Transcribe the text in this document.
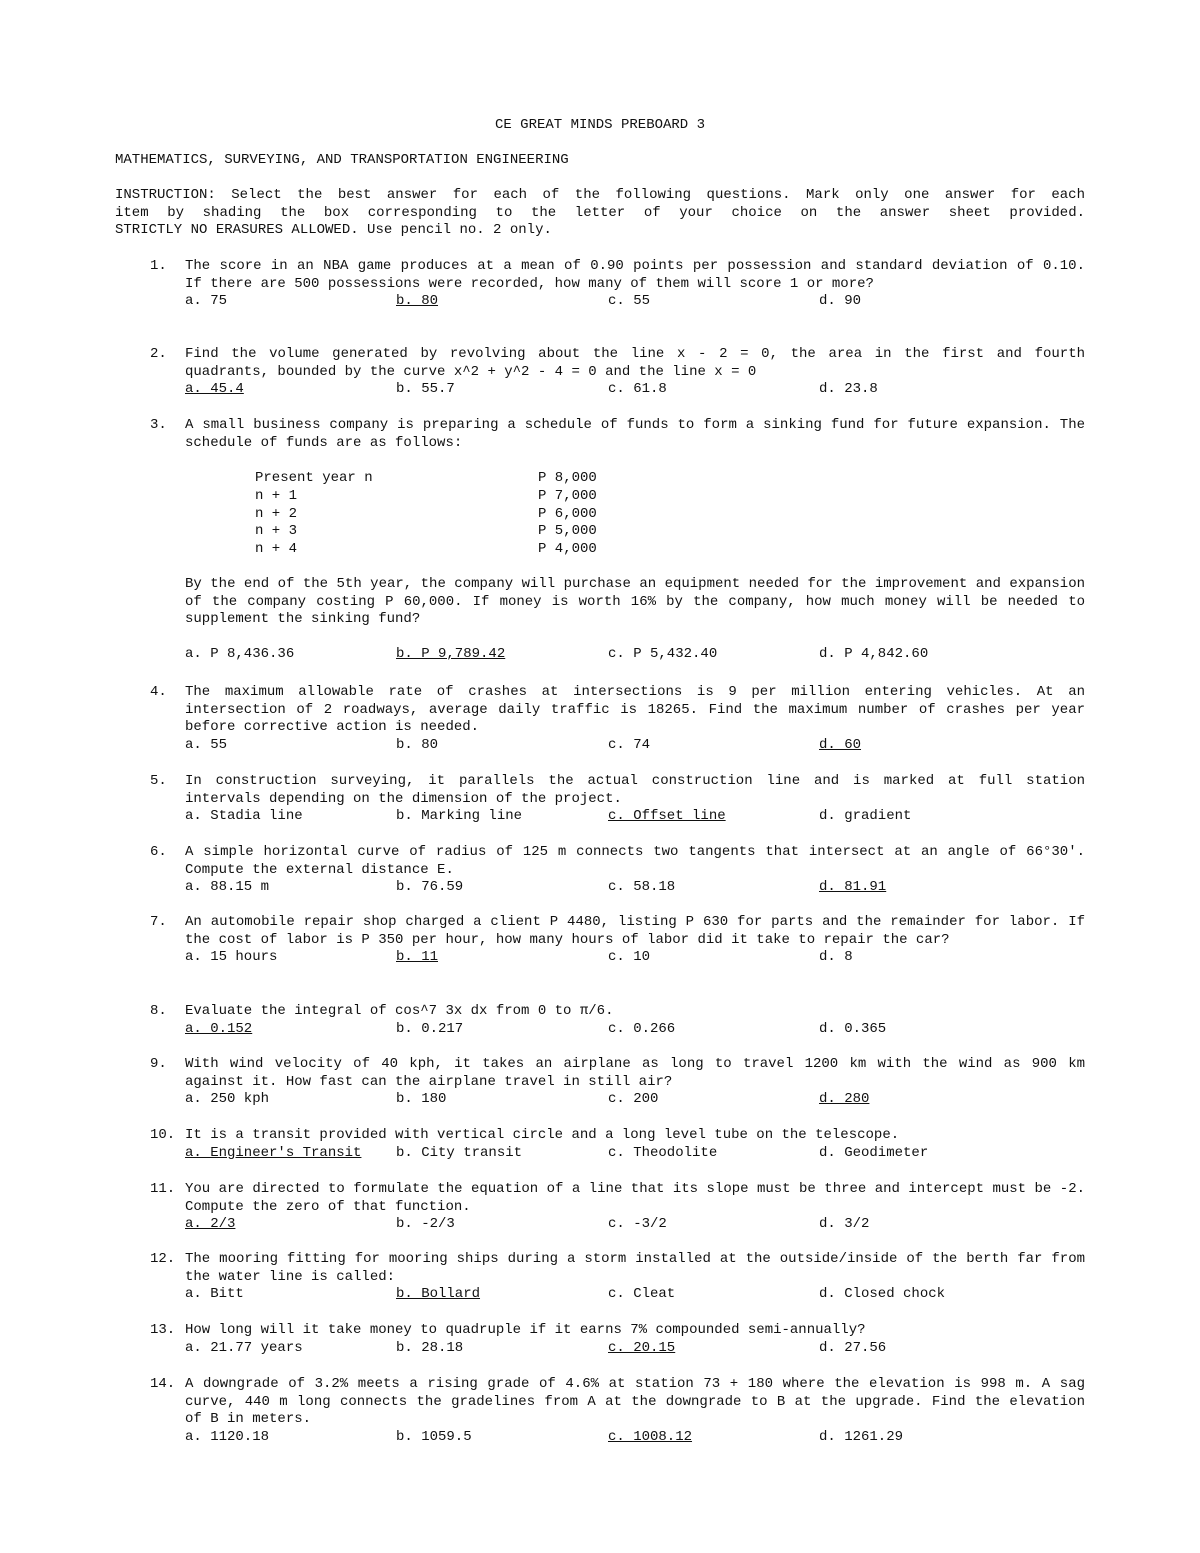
CE GREAT MINDS PREBOARD 3
MATHEMATICS, SURVEYING, AND TRANSPORTATION ENGINEERING
INSTRUCTION: Select the best answer for each of the following questions. Mark only one answer for each
item by shading the box corresponding to the letter of your choice on the answer sheet provided.
STRICTLY NO ERASURES ALLOWED. Use pencil no. 2 only.
1.	The score in an NBA game produces at a mean of 0.90 points per possession and standard deviation of 0.10. If there are 500 possessions were recorded, how many of them will score 1 or more?
a. 75	b. 80	c. 55	d. 90
2.	Find the volume generated by revolving about the line x - 2 = 0, the area in the first and fourth quadrants, bounded by the curve x^2 + y^2 - 4 = 0 and the line x = 0
a. 45.4	b. 55.7	c. 61.8	d. 23.8
3.	A small business company is preparing a schedule of funds to form a sinking fund for future expansion. The schedule of funds are as follows:
Present year n	P 8,000
n + 1	P 7,000
n + 2	P 6,000
n + 3	P 5,000
n + 4	P 4,000
By the end of the 5th year, the company will purchase an equipment needed for the improvement and expansion of the company costing P 60,000. If money is worth 16% by the company, how much money will be needed to supplement the sinking fund?
a. P 8,436.36	b. P 9,789.42	c. P 5,432.40	d. P 4,842.60
4.	The maximum allowable rate of crashes at intersections is 9 per million entering vehicles. At an intersection of 2 roadways, average daily traffic is 18265. Find the maximum number of crashes per year before corrective action is needed.
a. 55	b. 80	c. 74	d. 60
5.	In construction surveying, it parallels the actual construction line and is marked at full station intervals depending on the dimension of the project.
a. Stadia line	b. Marking line	c. Offset line	d. gradient
6.	A simple horizontal curve of radius of 125 m connects two tangents that intersect at an angle of 66°30′. Compute the external distance E.
a. 88.15 m	b. 76.59	c. 58.18	d. 81.91
7.	An automobile repair shop charged a client P 4480, listing P 630 for parts and the remainder for labor. If the cost of labor is P 350 per hour, how many hours of labor did it take to repair the car?
a. 15 hours	b. 11	c. 10	d. 8
8.	Evaluate the integral of cos^7 3x dx from 0 to π/6.
a. 0.152	b. 0.217	c. 0.266	d. 0.365
9.	With wind velocity of 40 kph, it takes an airplane as long to travel 1200 km with the wind as 900 km against it. How fast can the airplane travel in still air?
a. 250 kph	b. 180	c. 200	d. 280
10. It is a transit provided with vertical circle and a long level tube on the telescope.
a. Engineer′s Transit b. City transit	c. Theodolite	d. Geodimeter
11. You are directed to formulate the equation of a line that its slope must be three and intercept must be -2. Compute the zero of that function.
a. 2/3	b. -2/3	c. -3/2	d. 3/2
12. The mooring fitting for mooring ships during a storm installed at the outside/inside of the berth far from the water line is called:
a. Bitt	b. Bollard	c. Cleat	d. Closed chock
13. How long will it take money to quadruple if it earns 7% compounded semi-annually?
a. 21.77 years	b. 28.18	c. 20.15	d. 27.56
14. A downgrade of 3.2% meets a rising grade of 4.6% at station 73 + 180 where the elevation is 998 m. A sag curve, 440 m long connects the gradelines from A at the downgrade to B at the upgrade. Find the elevation of B in meters.
a. 1120.18	b. 1059.5	c. 1008.12	d. 1261.29
